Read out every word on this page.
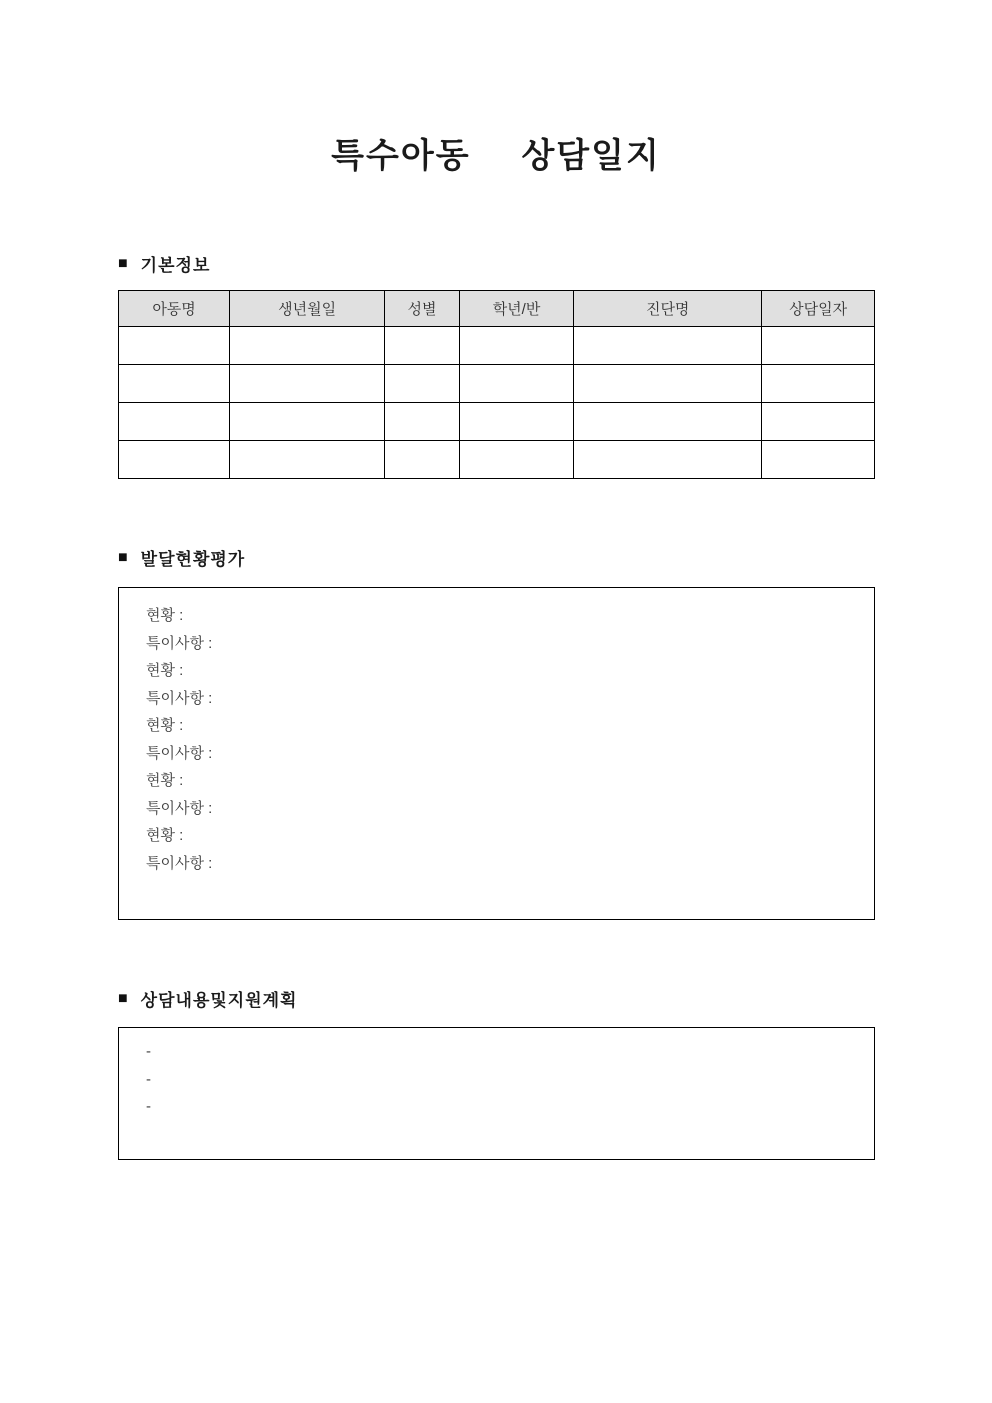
특수아동  상담일지
■ 기본정보
아동명	생년월일	성별	학년/반	진단명	상담일자

■ 발달현황평가
현황 :
특이사항 :
현황 :
특이사항 :
현황 :
특이사항 :
현황 :
특이사항 :
현황 :
특이사항 :
■ 상담내용및지원계획
-
-
-
